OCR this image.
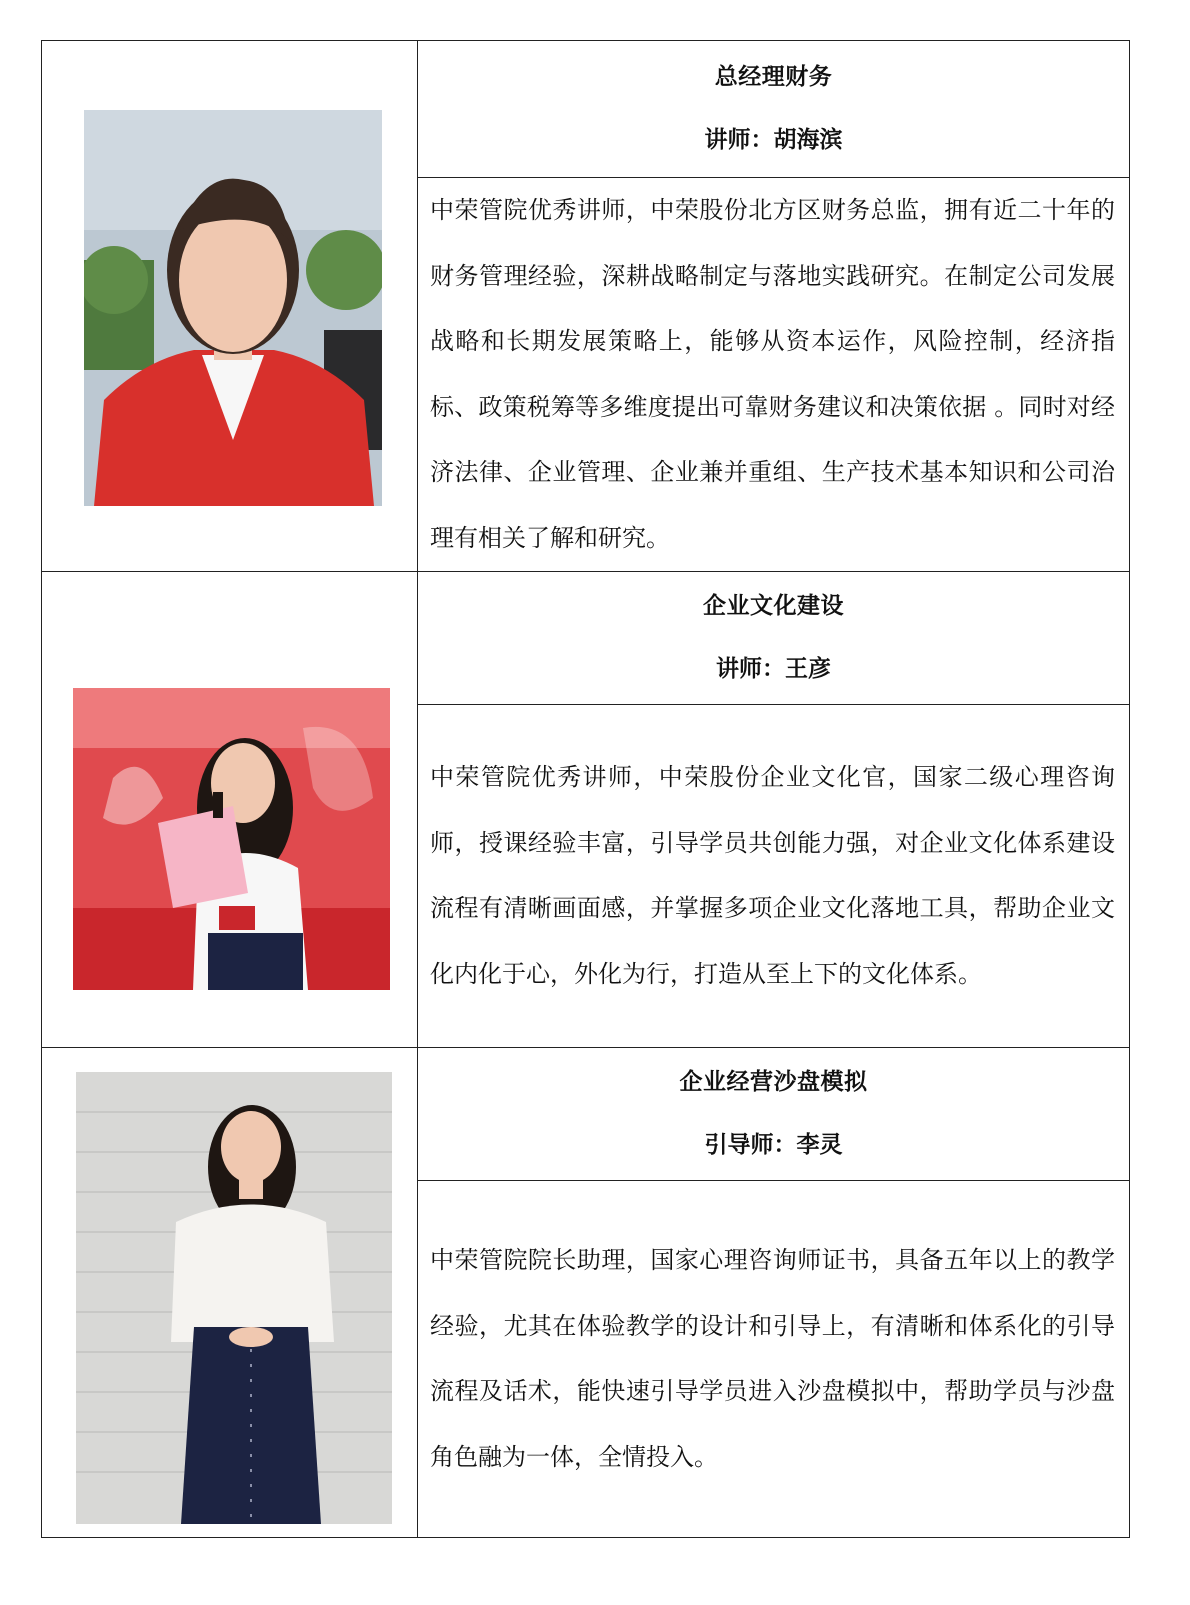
总经理财务

讲师：胡海滨

	中荣管院优秀讲师，中荣股份北方区财务总监，拥有近二十年的财务管理经验，深耕战略制定与落地实践研究。在制定公司发展战略和长期发展策略上，能够从资本运作，风险控制，经济指标、政策税筹等多维度提出可靠财务建议和决策依据 。同时对经济法律、企业管理、企业兼并重组、生产技术基本知识和公司治理有相关了解和研究。

企业文化建设

讲师：王彦

	中荣管院优秀讲师，中荣股份企业文化官，国家二级心理咨询师，授课经验丰富，引导学员共创能力强，对企业文化体系建设流程有清晰画面感，并掌握多项企业文化落地工具，帮助企业文化内化于心，外化为行，打造从至上下的文化体系。

企业经营沙盘模拟

引导师：李灵

	中荣管院院长助理，国家心理咨询师证书，具备五年以上的教学经验，尤其在体验教学的设计和引导上，有清晰和体系化的引导流程及话术，能快速引导学员进入沙盘模拟中，帮助学员与沙盘角色融为一体，全情投入。
